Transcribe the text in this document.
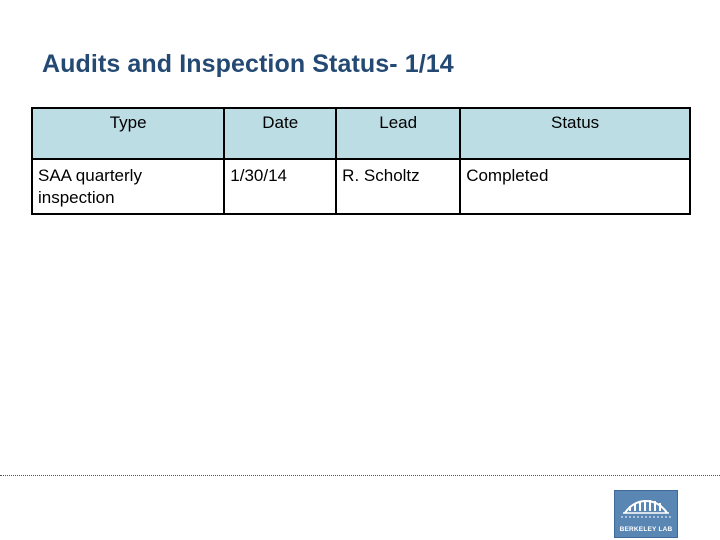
Audits and Inspection Status- 1/14
Type	Date	Lead	Status
SAA quarterly inspection	1/30/14	R. Scholtz	Completed
BERKELEY LAB
